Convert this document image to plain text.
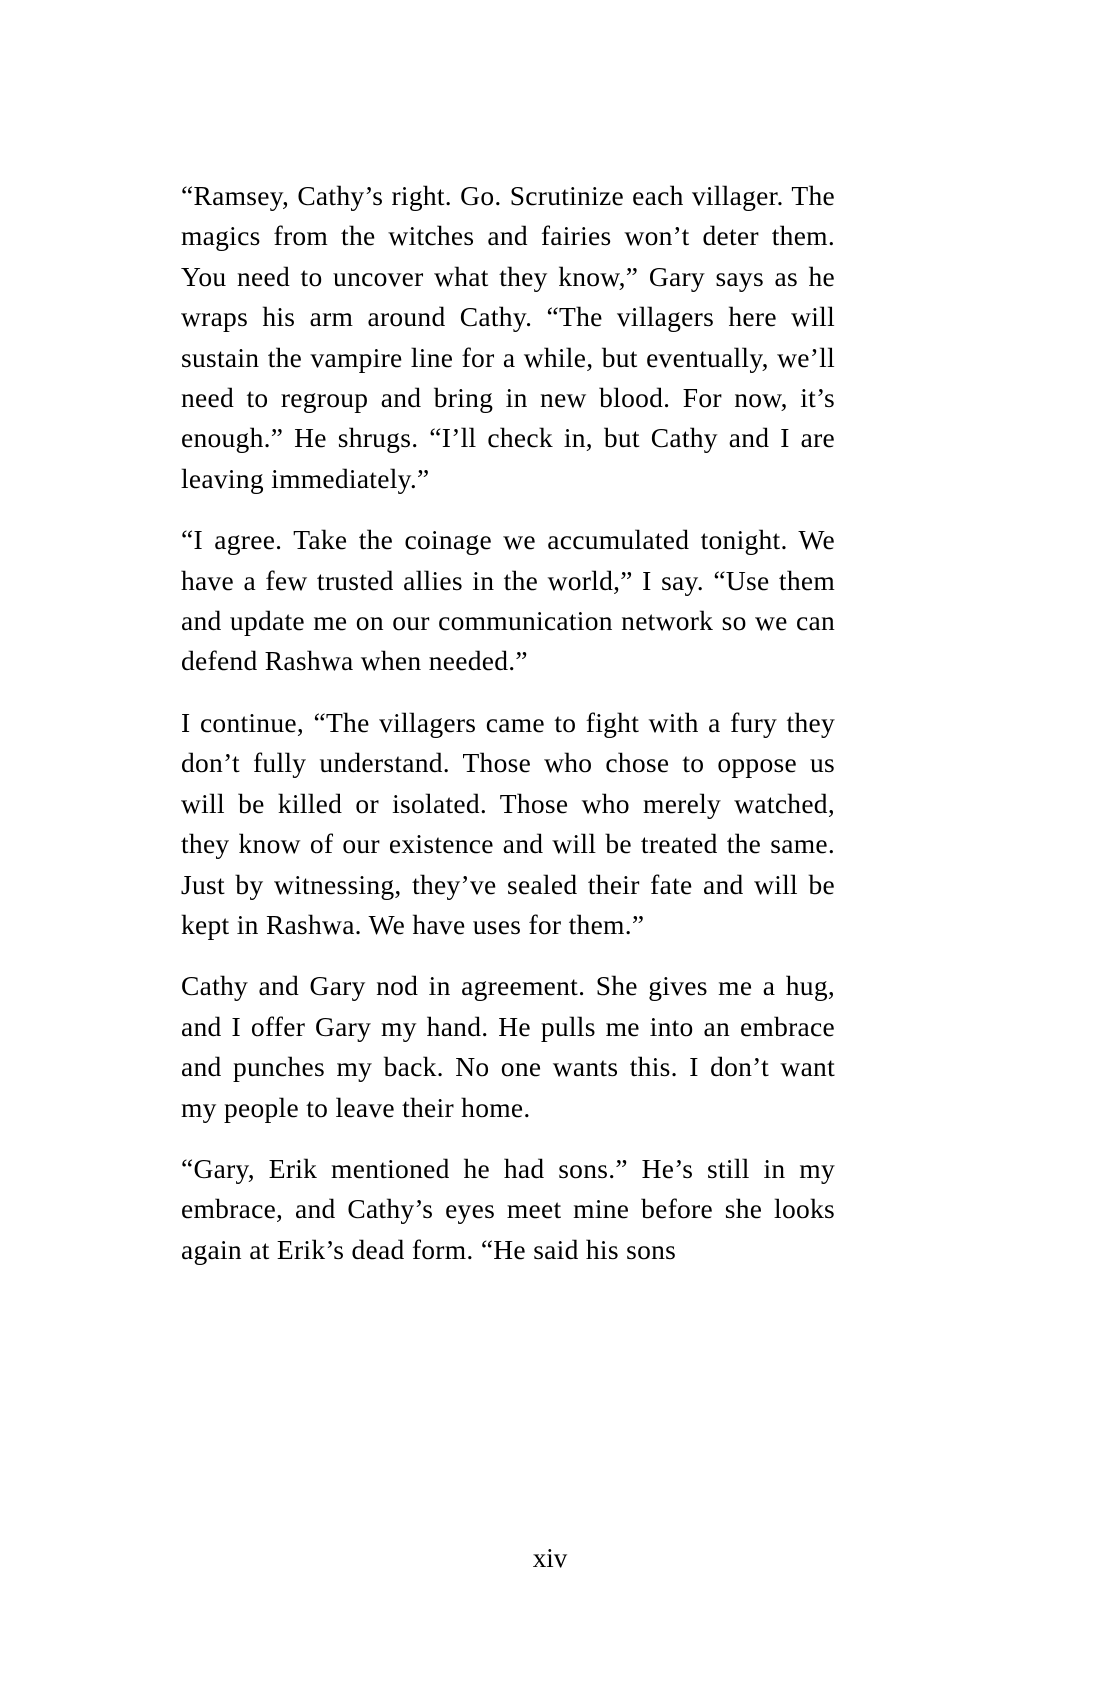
“Ramsey, Cathy’s right. Go. Scrutinize each villager. The magics from the witches and fairies won’t deter them. You need to uncover what they know,” Gary says as he wraps his arm around Cathy. “The villagers here will sustain the vampire line for a while, but eventually, we’ll need to regroup and bring in new blood. For now, it’s enough.” He shrugs. “I’ll check in, but Cathy and I are leaving immediately.”

“I agree. Take the coinage we accumulated tonight. We have a few trusted allies in the world,” I say. “Use them and update me on our communication network so we can defend Rashwa when needed.”

I continue, “The villagers came to fight with a fury they don’t fully understand. Those who chose to oppose us will be killed or isolated. Those who merely watched, they know of our existence and will be treated the same. Just by witnessing, they’ve sealed their fate and will be kept in Rashwa. We have uses for them.”

Cathy and Gary nod in agreement. She gives me a hug, and I offer Gary my hand. He pulls me into an embrace and punches my back. No one wants this. I don’t want my people to leave their home.

“Gary, Erik mentioned he had sons.” He’s still in my embrace, and Cathy’s eyes meet mine before she looks again at Erik’s dead form. “He said his sons

xiv
